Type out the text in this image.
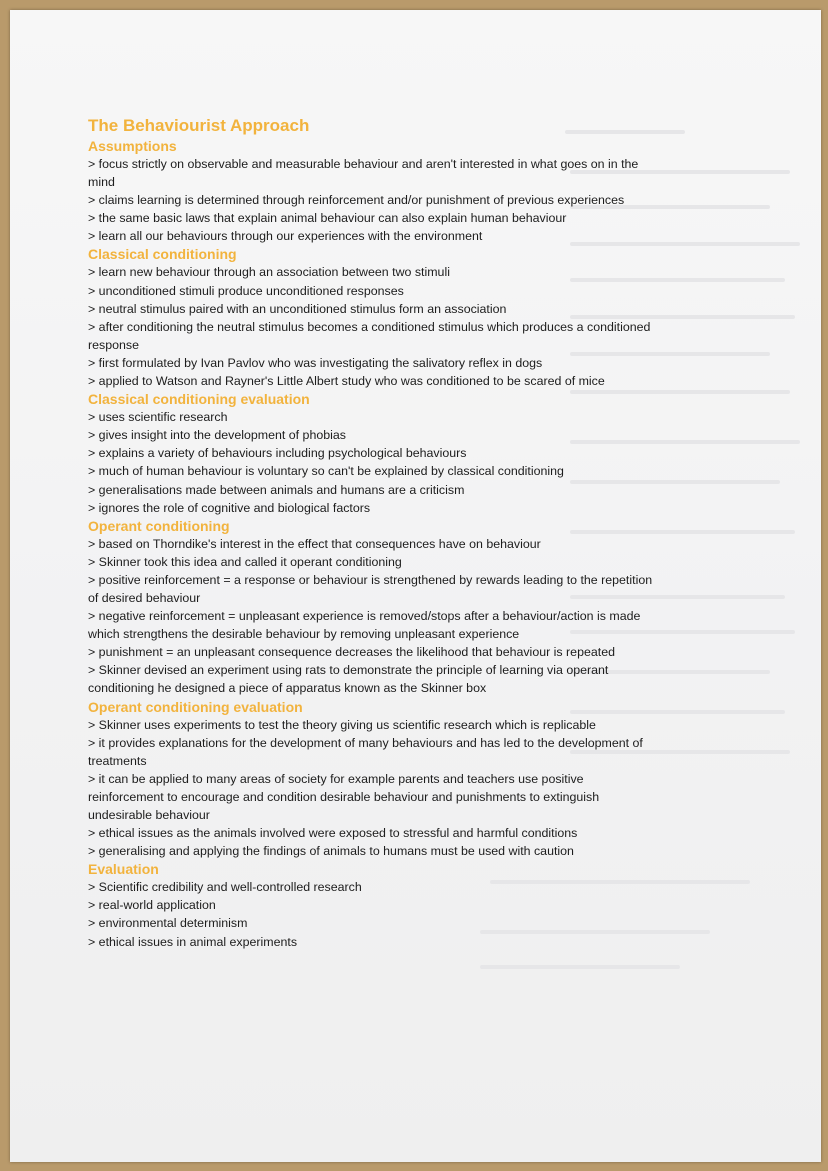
The Behaviourist Approach
Assumptions
> focus strictly on observable and measurable behaviour and aren't interested in what goes on in the
mind
> claims learning is determined through reinforcement and/or punishment of previous experiences
> the same basic laws that explain animal behaviour can also explain human behaviour
> learn all our behaviours through our experiences with the environment
Classical conditioning
> learn new behaviour through an association between two stimuli
> unconditioned stimuli produce unconditioned responses
> neutral stimulus paired with an unconditioned stimulus form an association
> after conditioning the neutral stimulus becomes a conditioned stimulus which produces a conditioned
response
> first formulated by Ivan Pavlov who was investigating the salivatory reflex in dogs
> applied to Watson and Rayner's Little Albert study who was conditioned to be scared of mice
Classical conditioning evaluation
> uses scientific research
> gives insight into the development of phobias
> explains a variety of behaviours including psychological behaviours
> much of human behaviour is voluntary so can't be explained by classical conditioning
> generalisations made between animals and humans are a criticism
> ignores the role of cognitive and biological factors
Operant conditioning
> based on Thorndike's interest in the effect that consequences have on behaviour
> Skinner took this idea and called it operant conditioning
> positive reinforcement = a response or behaviour is strengthened by rewards leading to the repetition
of desired behaviour
> negative reinforcement = unpleasant experience is removed/stops after a behaviour/action is made
which strengthens the desirable behaviour by removing unpleasant experience
> punishment = an unpleasant consequence decreases the likelihood that behaviour is repeated
> Skinner devised an experiment using rats to demonstrate the principle of learning via operant
conditioning he designed a piece of apparatus known as the Skinner box
Operant conditioning evaluation
> Skinner uses experiments to test the theory giving us scientific research which is replicable
> it provides explanations for the development of many behaviours and has led to the development of
treatments
> it can be applied to many areas of society for example parents and teachers use positive
reinforcement to encourage and condition desirable behaviour and punishments to extinguish
undesirable behaviour
> ethical issues as the animals involved were exposed to stressful and harmful conditions
> generalising and applying the findings of animals to humans must be used with caution
Evaluation
> Scientific credibility and well-controlled research
> real-world application
> environmental determinism
> ethical issues in animal experiments
